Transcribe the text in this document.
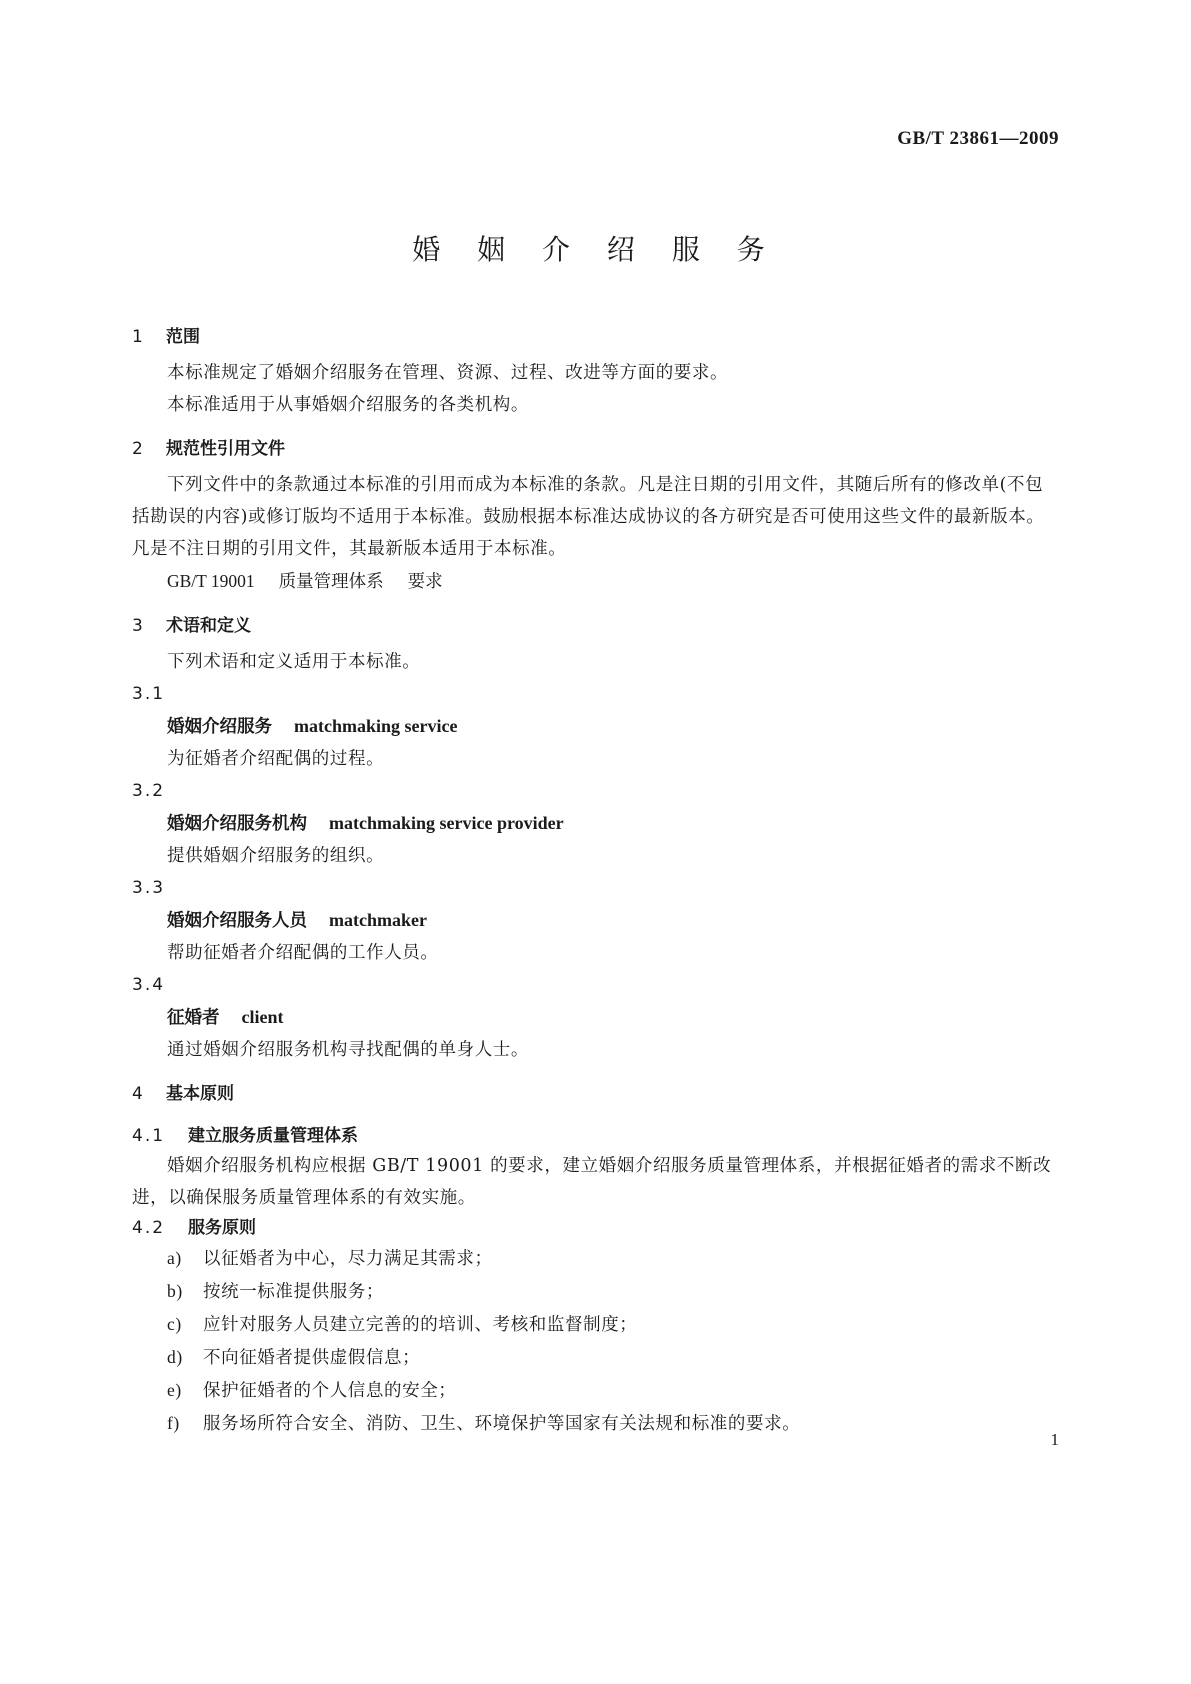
GB/T 23861—2009
婚 姻 介 绍 服 务
1 范围

本标准规定了婚姻介绍服务在管理、资源、过程、改进等方面的要求。

本标准适用于从事婚姻介绍服务的各类机构。

2 规范性引用文件

下列文件中的条款通过本标准的引用而成为本标准的条款。凡是注日期的引用文件，其随后所有的修改单(不包括勘误的内容)或修订版均不适用于本标准。鼓励根据本标准达成协议的各方研究是否可使用这些文件的最新版本。凡是不注日期的引用文件，其最新版本适用于本标准。

GB/T 19001 质量管理体系 要求
3 术语和定义

下列术语和定义适用于本标准。

3.1
婚姻介绍服务 matchmaking service
为征婚者介绍配偶的过程。
3.2
婚姻介绍服务机构 matchmaking service provider
提供婚姻介绍服务的组织。
3.3
婚姻介绍服务人员 matchmaker
帮助征婚者介绍配偶的工作人员。
3.4
征婚者 client
通过婚姻介绍服务机构寻找配偶的单身人士。
4 基本原则
4.1 建立服务质量管理体系

婚姻介绍服务机构应根据 GB/T 19001 的要求，建立婚姻介绍服务质量管理体系，并根据征婚者的需求不断改进，以确保服务质量管理体系的有效实施。

4.2 服务原则
a) 以征婚者为中心，尽力满足其需求；
b) 按统一标准提供服务；
c) 应针对服务人员建立完善的的培训、考核和监督制度；
d) 不向征婚者提供虚假信息；
e) 保护征婚者的个人信息的安全；
f) 服务场所符合安全、消防、卫生、环境保护等国家有关法规和标准的要求。
1
